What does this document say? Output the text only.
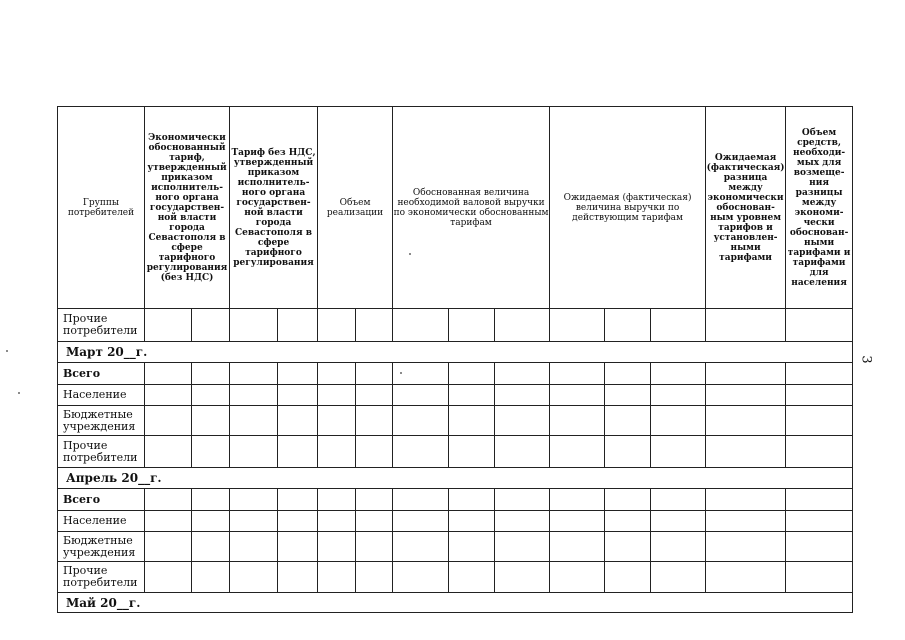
Группы потребителей	Экономически обоснованный тариф, утвержденный приказом исполнитель-ного органа государствен-ной власти города Севастополя в сфере тарифного регулирования (без НДС)		Тариф без НДС, утвержденный приказом исполнитель-ного органа государствен-ной власти города Севастополя в сфере тарифного регулирования		Объем реализации		Обоснованная величина необходимой валовой выручки по экономически обоснованным тарифам			Ожидаемая (фактическая) величина выручки по действующим тарифам			Ожидаемая (фактическая) разница между экономически обоснован-ным уровнем тарифов и установлен-ными тарифами	Объем средств, необходи-мых для возмеще-ния разницы между экономи-чески обоснован-ными тарифами и тарифами для населения
Прочие потребители														
Март 20__г.														
Всего														
Население														
Бюджетные учреждения														
Прочие потребители														
Апрель 20__г.														
Всего														
Население														
Бюджетные учреждения														
Прочие потребители														
Май 20__г.														
3
